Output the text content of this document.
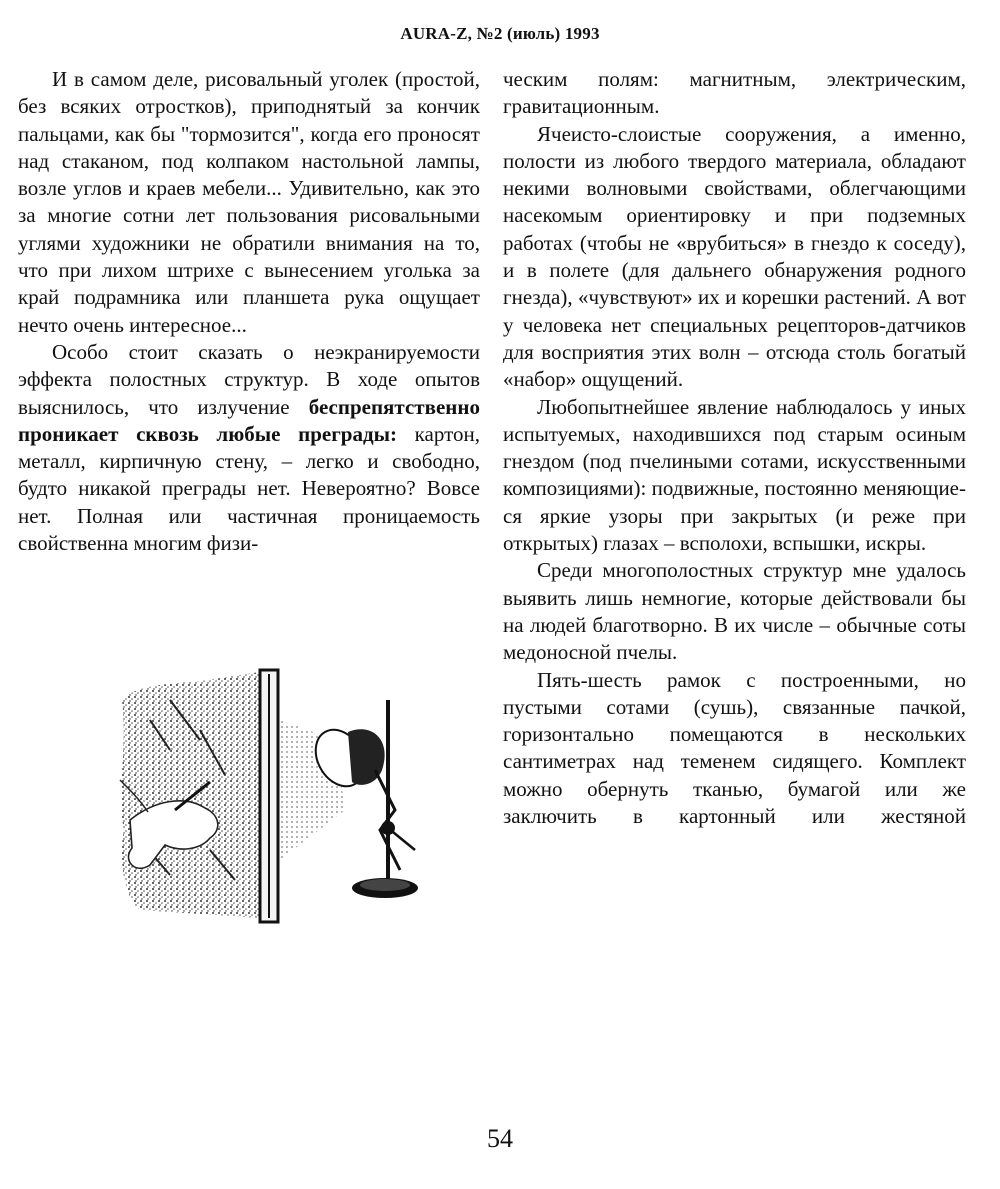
AURA-Z, №2 (июль) 1993

И в самом деле, рисовальный уголек (простой, без всяких отростков), приподнятый за кончик пальцами, как бы "тормозится", когда его проносят над стаканом, под колпаком настольной лампы, возле углов и краев мебели... Удивительно, как это за многие сотни лет пользования рисовальными углями художники не обратили внимания на то, что при лихом штрихе с вынесением уголька за край подрамника или планшета рука ощущает нечто очень интересное...

Особо стоит сказать о неэкранируемости эффекта полостных структур. В ходе опытов выяснилось, что излучение беспрепятственно проникает сквозь любые преграды: картон, металл, кирпичную стену, – легко и свободно, будто никакой преграды нет. Невероятно? Вовсе нет. Полная или частичная проницаемость свойственна многим физи-

ческим полям: магнитным, электрическим, гравитационным.

Ячеисто-слоистые сооружения, а именно, полости из любого твердого материала, обладают некими волновыми свойствами, облегчающими насекомым ориентировку и при подземных работах (чтобы не «врубиться» в гнездо к соседу), и в полете (для дальнего обнаружения родного гнезда), «чувствуют» их и корешки растений. А вот у человека нет специальных рецепторов-датчиков для восприятия этих волн – отсюда столь богатый «набор» ощущений.

Любопытнейшее явление наблюдалось у иных испытуемых, находившихся под старым осиным гнездом (под пчелиными сотами, искусственными композициями): подвижные, постоянно меняющие-ся яркие узоры при закрытых (и реже при открытых) глазах – всполохи, вспышки, искры.

Среди многополостных структур мне удалось выявить лишь немногие, которые действовали бы на людей благотворно. В их числе – обычные соты медоносной пчелы.

Пять-шесть рамок с построенными, но пустыми сотами (сушь), связанные пачкой, горизонтально помещаются в нескольких сантиметрах над теменем сидящего. Комплект можно обернуть тканью, бумагой или же заключить в картонный или жестяной

54
